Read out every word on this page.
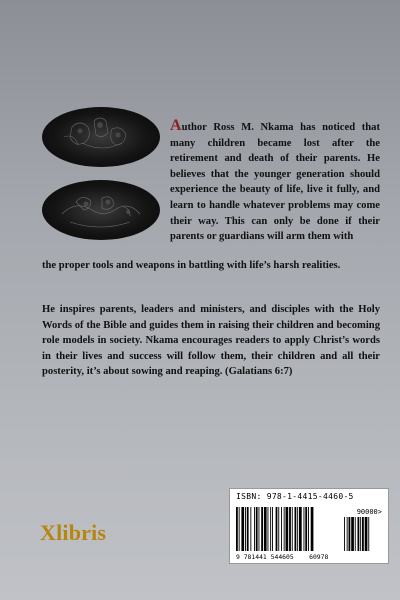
Author Ross M. Nkama has noticed that many children became lost after the retirement and death of their parents. He believes that the younger generation should experience the beauty of life, live it fully, and learn to handle whatever problems may come their way. This can only be done if their parents or guardians will arm them with

the proper tools and weapons in battling with life’s harsh realities.

He inspires parents, leaders and ministers, and disciples with the Holy Words of the Bible and guides them in raising their children and becoming role models in society. Nkama encourages readers to apply Christ’s words in their lives and success will follow them, their children and all their posterity, it’s about sowing and reaping. (Galatians 6:7)

ISBN: 978-1-4415-4460-5
90000>
9 781441 544605    60978
Xlibris
